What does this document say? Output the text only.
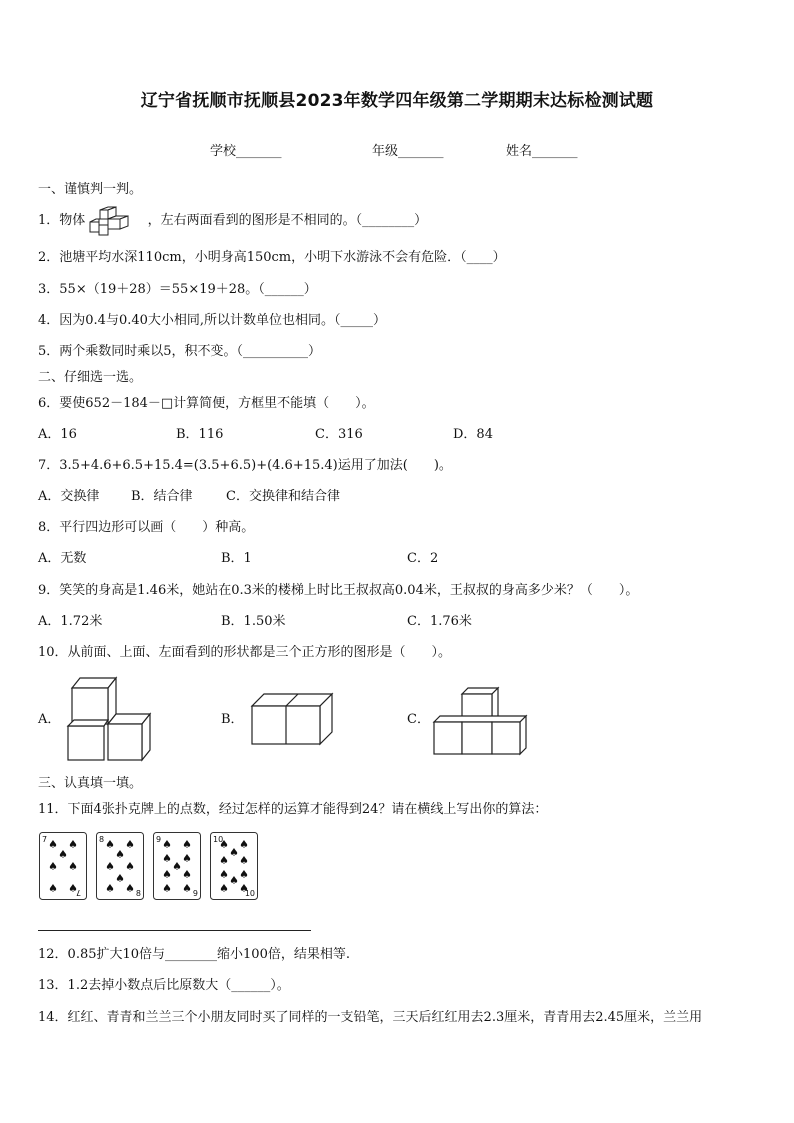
辽宁省抚顺市抚顺县2023年数学四年级第二学期期末达标检测试题
学校_______	年级_______	姓名_______
一、谨慎判一判。
1．物体	，左右两面看到的图形是不相同的。（________）
2．池塘平均水深110cm，小明身高150cm，小明下水游泳不会有危险．（____）
3．55×（19＋28）＝55×19＋28。（______）
4．因为0.4与0.40大小相同,所以计数单位也相同。（_____）
5．两个乘数同时乘以5，积不变。（__________）
二、仔细选一选。
6．要使652－184－□计算简便，方框里不能填（　　）。
A．16	B．116	C．316	D．84
7．3.5+4.6+6.5+15.4=(3.5+6.5)+(4.6+15.4)运用了加法(　　)。
A．交换律 B．结合律	C．交换律和结合律
8．平行四边形可以画（　　）种高。
A．无数	B．1	C．2
9．笑笑的身高是1.46米，她站在0.3米的楼梯上时比王叔叔高0.04米，王叔叔的身高多少米？（　　）。
A．1.72米	B．1.50米	C．1.76米
10．从前面、上面、左面看到的形状都是三个正方形的图形是（　　）。
A．	B．	C．
三、认真填一填。
11．下面4张扑克牌上的点数，经过怎样的运算才能得到24？请在横线上写出你的算法：
7
7
♠ ♠
♠
♠ ♠
♠ ♠
8
8
♠ ♠
♠
♠ ♠
♠
♠ ♠
9
9
♠ ♠
♠ ♠
♠
♠ ♠
♠ ♠
10
10
♠ ♠
♠
♠ ♠
♠ ♠
♠
♠ ♠
12．0.85扩大10倍与________缩小100倍，结果相等.
13．1.2去掉小数点后比原数大（______）。
14．红红、青青和兰兰三个小朋友同时买了同样的一支铅笔，三天后红红用去2.3厘米，青青用去2.45厘米，兰兰用
